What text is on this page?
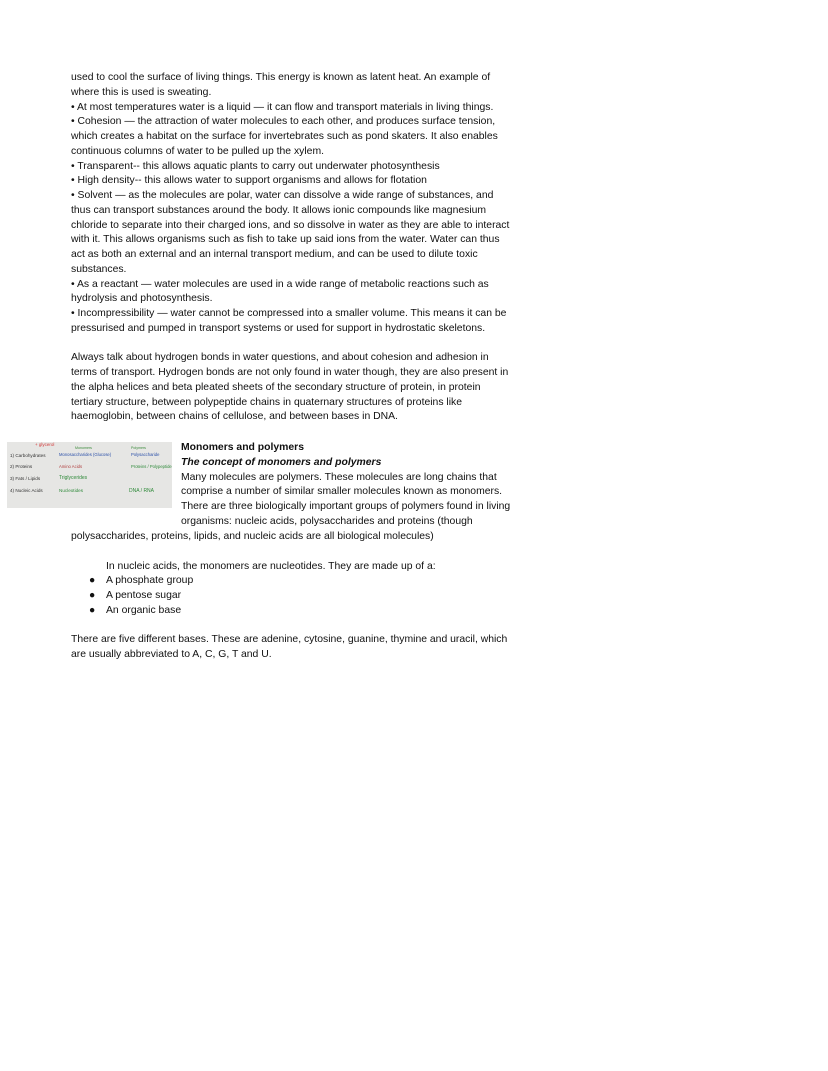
used to cool the surface of living things. This energy is known as latent heat. An example of
where this is used is sweating.
• At most temperatures water is a liquid — it can flow and transport materials in living things.
• Cohesion — the attraction of water molecules to each other, and produces surface tension,
which creates a habitat on the surface for invertebrates such as pond skaters. It also enables
continuous columns of water to be pulled up the xylem.
• Transparent-- this allows aquatic plants to carry out underwater photosynthesis
• High density-- this allows water to support organisms and allows for flotation
• Solvent — as the molecules are polar, water can dissolve a wide range of substances, and
thus can transport substances around the body. It allows ionic compounds like magnesium
chloride to separate into their charged ions, and so dissolve in water as they are able to interact
with it. This allows organisms such as fish to take up said ions from the water. Water can thus
act as both an external and an internal transport medium, and can be used to dilute toxic
substances.
• As a reactant — water molecules are used in a wide range of metabolic reactions such as
hydrolysis and photosynthesis.
• Incompressibility — water cannot be compressed into a smaller volume. This means it can be
pressurised and pumped in transport systems or used for support in hydrostatic skeletons.
Always talk about hydrogen bonds in water questions, and about cohesion and adhesion in
terms of transport. Hydrogen bonds are not only found in water though, they are also present in
the alpha helices and beta pleated sheets of the secondary structure of protein, in protein
tertiary structure, between polypeptide chains in quaternary structures of proteins like
haemoglobin, between chains of cellulose, and between bases in DNA.
+ glycerol
Monomers	Polymers
1) Carbohydrates	Monosaccharides (Glucose)	Polysaccharide
2) Proteins	Amino Acids	Proteins / Polypeptide
3) Fats / Lipids	Triglycerides
4) Nucleic Acids	Nucleotides	DNA / RNA
Monomers and polymers
The concept of monomers and polymers
Many molecules are polymers. These molecules are long chains that
comprise a number of similar smaller molecules known as monomers.
There are three biologically important groups of polymers found in living
organisms: nucleic acids, polysaccharides and proteins (though
polysaccharides, proteins, lipids, and nucleic acids are all biological molecules)
In nucleic acids, the monomers are nucleotides. They are made up of a:
● A phosphate group
● A pentose sugar
● An organic base
There are five different bases. These are adenine, cytosine, guanine, thymine and uracil, which
are usually abbreviated to A, C, G, T and U.
